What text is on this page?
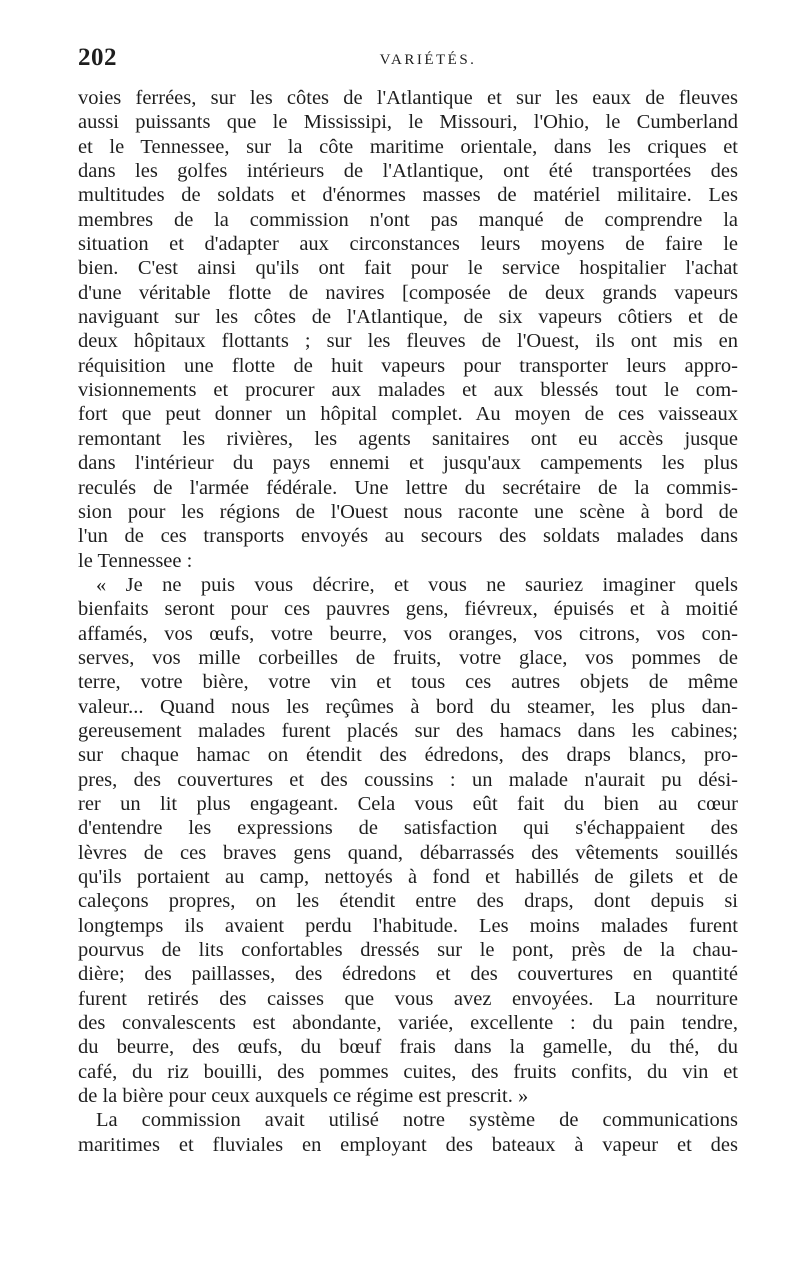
202	VARIÉTÉS.
voies ferrées, sur les côtes de l'Atlantique et sur les eaux de fleuves
aussi puissants que le Mississipi, le Missouri, l'Ohio, le Cumberland
et le Tennessee, sur la côte maritime orientale, dans les criques et
dans les golfes intérieurs de l'Atlantique, ont été transportées des
multitudes de soldats et d'énormes masses de matériel militaire. Les
membres de la commission n'ont pas manqué de comprendre la
situation et d'adapter aux circonstances leurs moyens de faire le
bien. C'est ainsi qu'ils ont fait pour le service hospitalier l'achat
d'une véritable flotte de navires [composée de deux grands vapeurs
naviguant sur les côtes de l'Atlantique, de six vapeurs côtiers et de
deux hôpitaux flottants ; sur les fleuves de l'Ouest, ils ont mis en
réquisition une flotte de huit vapeurs pour transporter leurs appro-
visionnements et procurer aux malades et aux blessés tout le com-
fort que peut donner un hôpital complet. Au moyen de ces vaisseaux
remontant les rivières, les agents sanitaires ont eu accès jusque
dans l'intérieur du pays ennemi et jusqu'aux campements les plus
reculés de l'armée fédérale. Une lettre du secrétaire de la commis-
sion pour les régions de l'Ouest nous raconte une scène à bord de
l'un de ces transports envoyés au secours des soldats malades dans
le Tennessee :
« Je ne puis vous décrire, et vous ne sauriez imaginer quels
bienfaits seront pour ces pauvres gens, fiévreux, épuisés et à moitié
affamés, vos œufs, votre beurre, vos oranges, vos citrons, vos con-
serves, vos mille corbeilles de fruits, votre glace, vos pommes de
terre, votre bière, votre vin et tous ces autres objets de même
valeur... Quand nous les reçûmes à bord du steamer, les plus dan-
gereusement malades furent placés sur des hamacs dans les cabines;
sur chaque hamac on étendit des édredons, des draps blancs, pro-
pres, des couvertures et des coussins : un malade n'aurait pu dési-
rer un lit plus engageant. Cela vous eût fait du bien au cœur
d'entendre les expressions de satisfaction qui s'échappaient des
lèvres de ces braves gens quand, débarrassés des vêtements souillés
qu'ils portaient au camp, nettoyés à fond et habillés de gilets et de
caleçons propres, on les étendit entre des draps, dont depuis si
longtemps ils avaient perdu l'habitude. Les moins malades furent
pourvus de lits confortables dressés sur le pont, près de la chau-
dière; des paillasses, des édredons et des couvertures en quantité
furent retirés des caisses que vous avez envoyées. La nourriture
des convalescents est abondante, variée, excellente : du pain tendre,
du beurre, des œufs, du bœuf frais dans la gamelle, du thé, du
café, du riz bouilli, des pommes cuites, des fruits confits, du vin et
de la bière pour ceux auxquels ce régime est prescrit. »
La commission avait utilisé notre système de communications
maritimes et fluviales en employant des bateaux à vapeur et des
